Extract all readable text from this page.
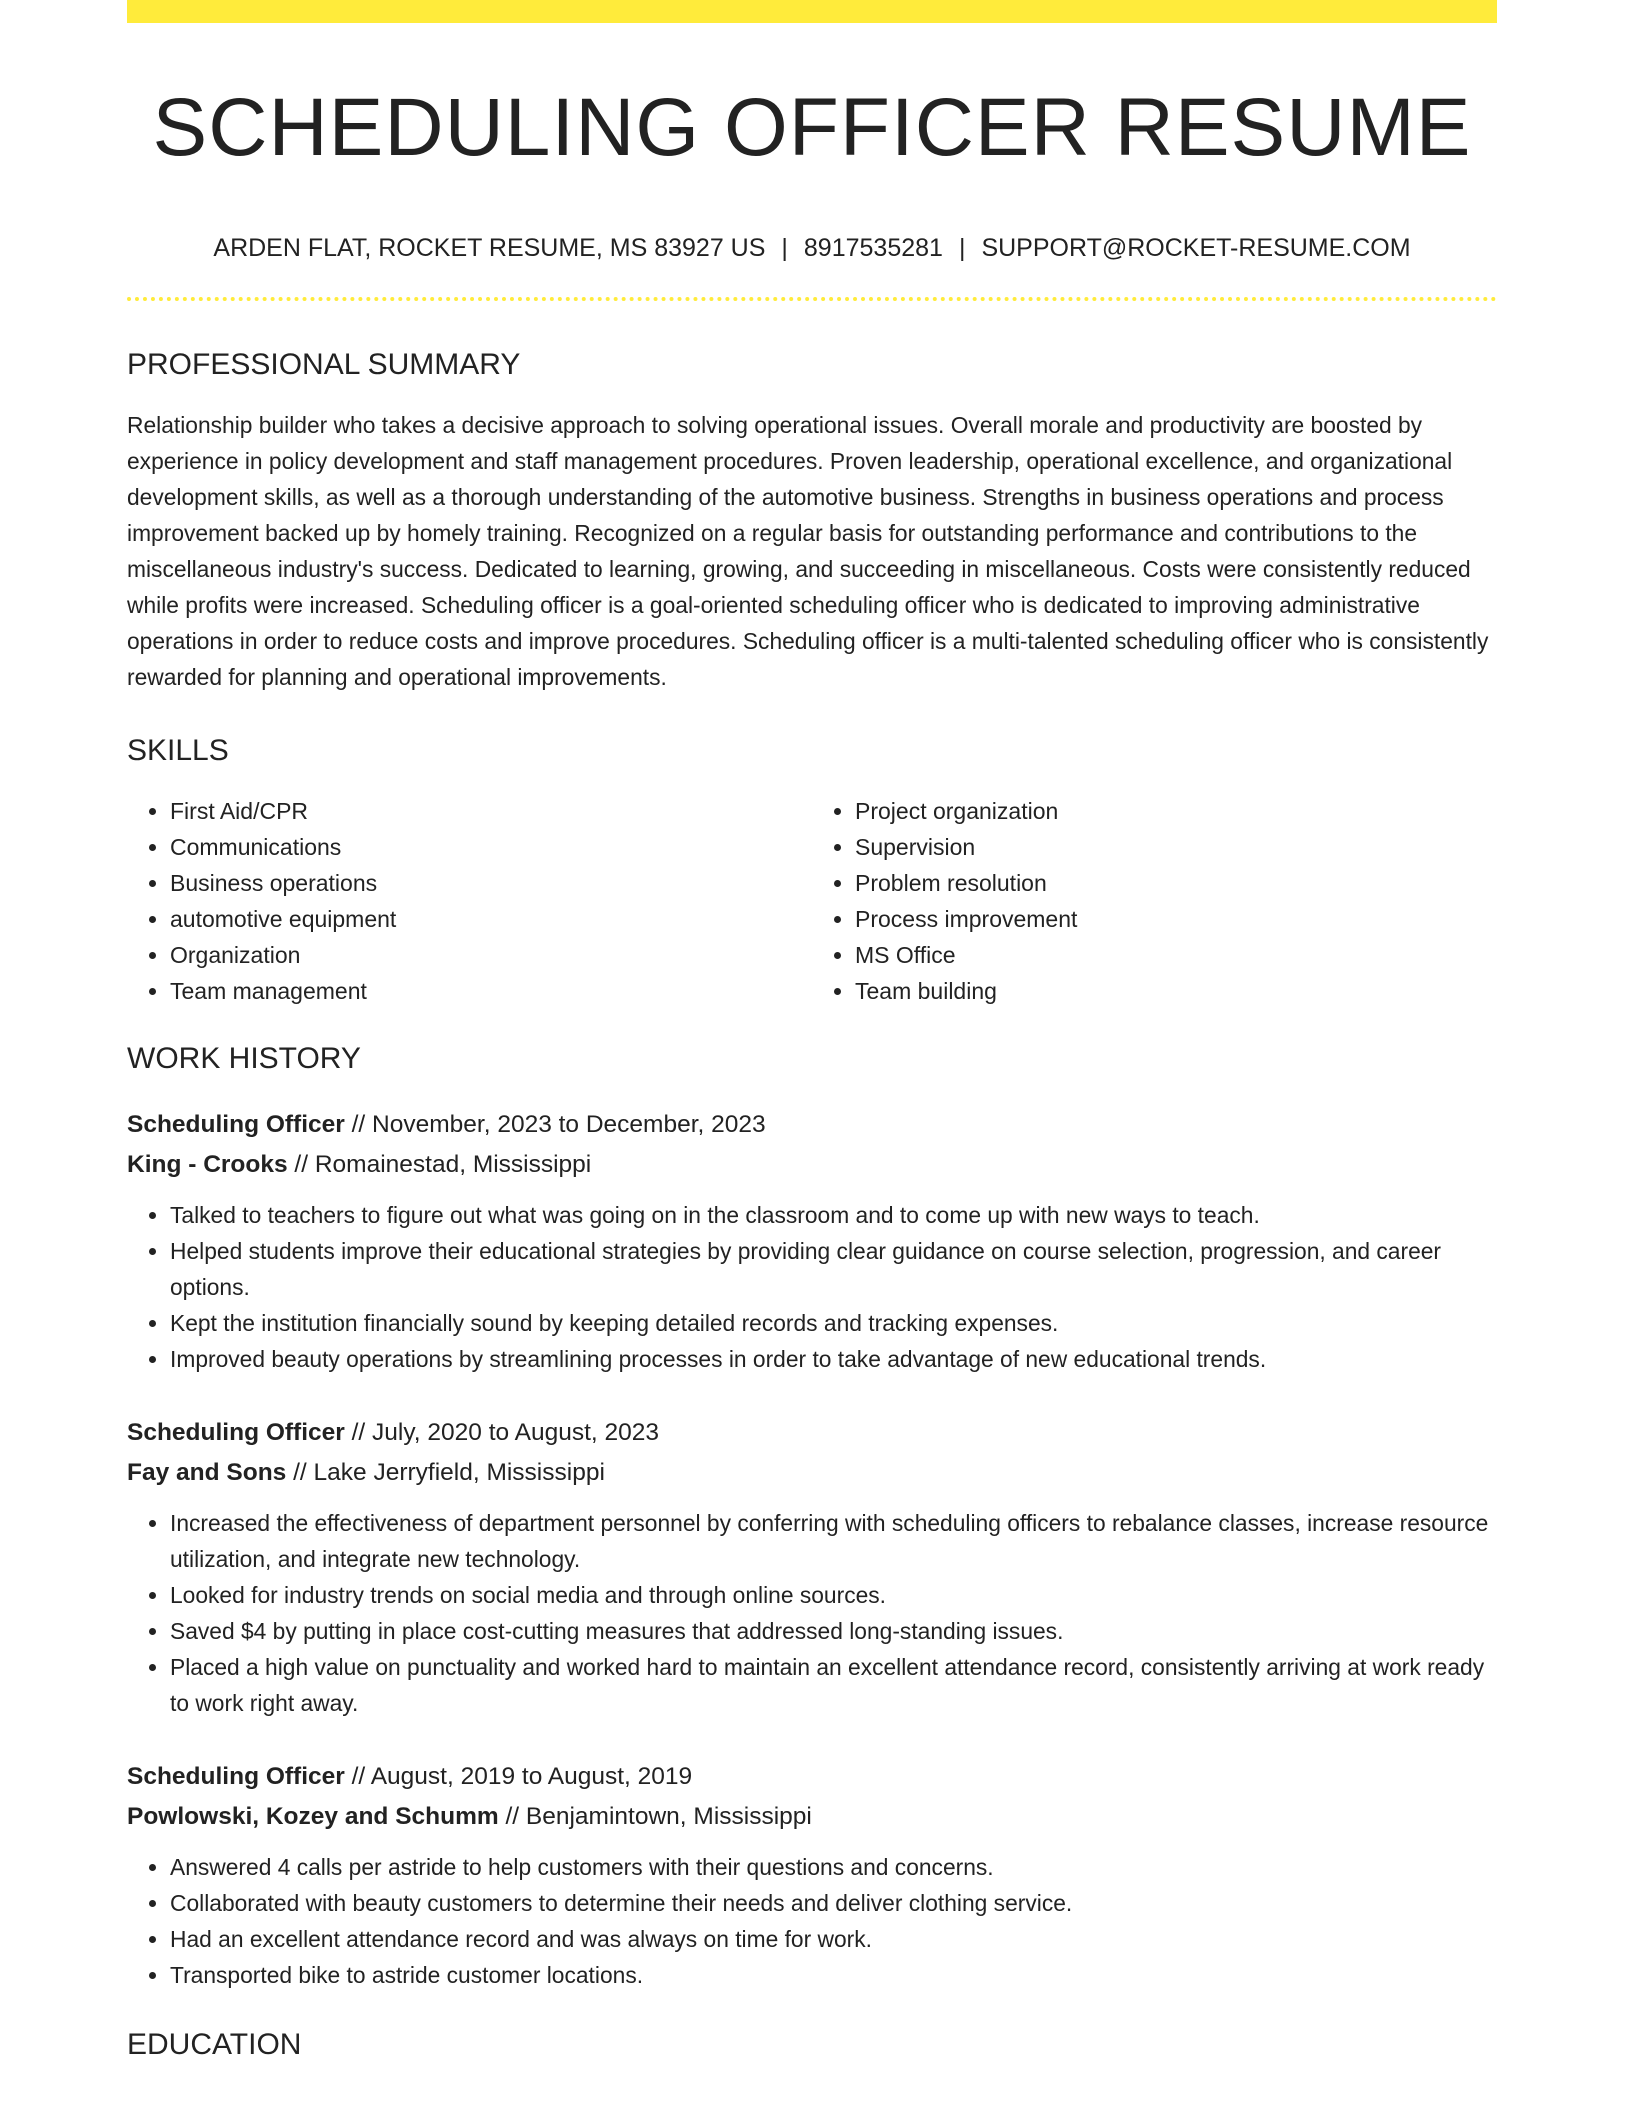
SCHEDULING OFFICER RESUME
ARDEN FLAT, ROCKET RESUME, MS 83927 US | 8917535281 | SUPPORT@ROCKET-RESUME.COM
PROFESSIONAL SUMMARY
Relationship builder who takes a decisive approach to solving operational issues. Overall morale and productivity are boosted by experience in policy development and staff management procedures. Proven leadership, operational excellence, and organizational development skills, as well as a thorough understanding of the automotive business. Strengths in business operations and process improvement backed up by homely training. Recognized on a regular basis for outstanding performance and contributions to the miscellaneous industry's success. Dedicated to learning, growing, and succeeding in miscellaneous. Costs were consistently reduced while profits were increased. Scheduling officer is a goal-oriented scheduling officer who is dedicated to improving administrative operations in order to reduce costs and improve procedures. Scheduling officer is a multi-talented scheduling officer who is consistently rewarded for planning and operational improvements.
SKILLS
• First Aid/CPR
• Communications
• Business operations
• automotive equipment
• Organization
• Team management
• Project organization
• Supervision
• Problem resolution
• Process improvement
• MS Office
• Team building
WORK HISTORY
Scheduling Officer // November, 2023 to December, 2023
King - Crooks // Romainestad, Mississippi
• Talked to teachers to figure out what was going on in the classroom and to come up with new ways to teach.
• Helped students improve their educational strategies by providing clear guidance on course selection, progression, and career options.
• Kept the institution financially sound by keeping detailed records and tracking expenses.
• Improved beauty operations by streamlining processes in order to take advantage of new educational trends.
Scheduling Officer // July, 2020 to August, 2023
Fay and Sons // Lake Jerryfield, Mississippi
• Increased the effectiveness of department personnel by conferring with scheduling officers to rebalance classes, increase resource utilization, and integrate new technology.
• Looked for industry trends on social media and through online sources.
• Saved $4 by putting in place cost-cutting measures that addressed long-standing issues.
• Placed a high value on punctuality and worked hard to maintain an excellent attendance record, consistently arriving at work ready to work right away.
Scheduling Officer // August, 2019 to August, 2019
Powlowski, Kozey and Schumm // Benjamintown, Mississippi
• Answered 4 calls per astride to help customers with their questions and concerns.
• Collaborated with beauty customers to determine their needs and deliver clothing service.
• Had an excellent attendance record and was always on time for work.
• Transported bike to astride customer locations.
EDUCATION
